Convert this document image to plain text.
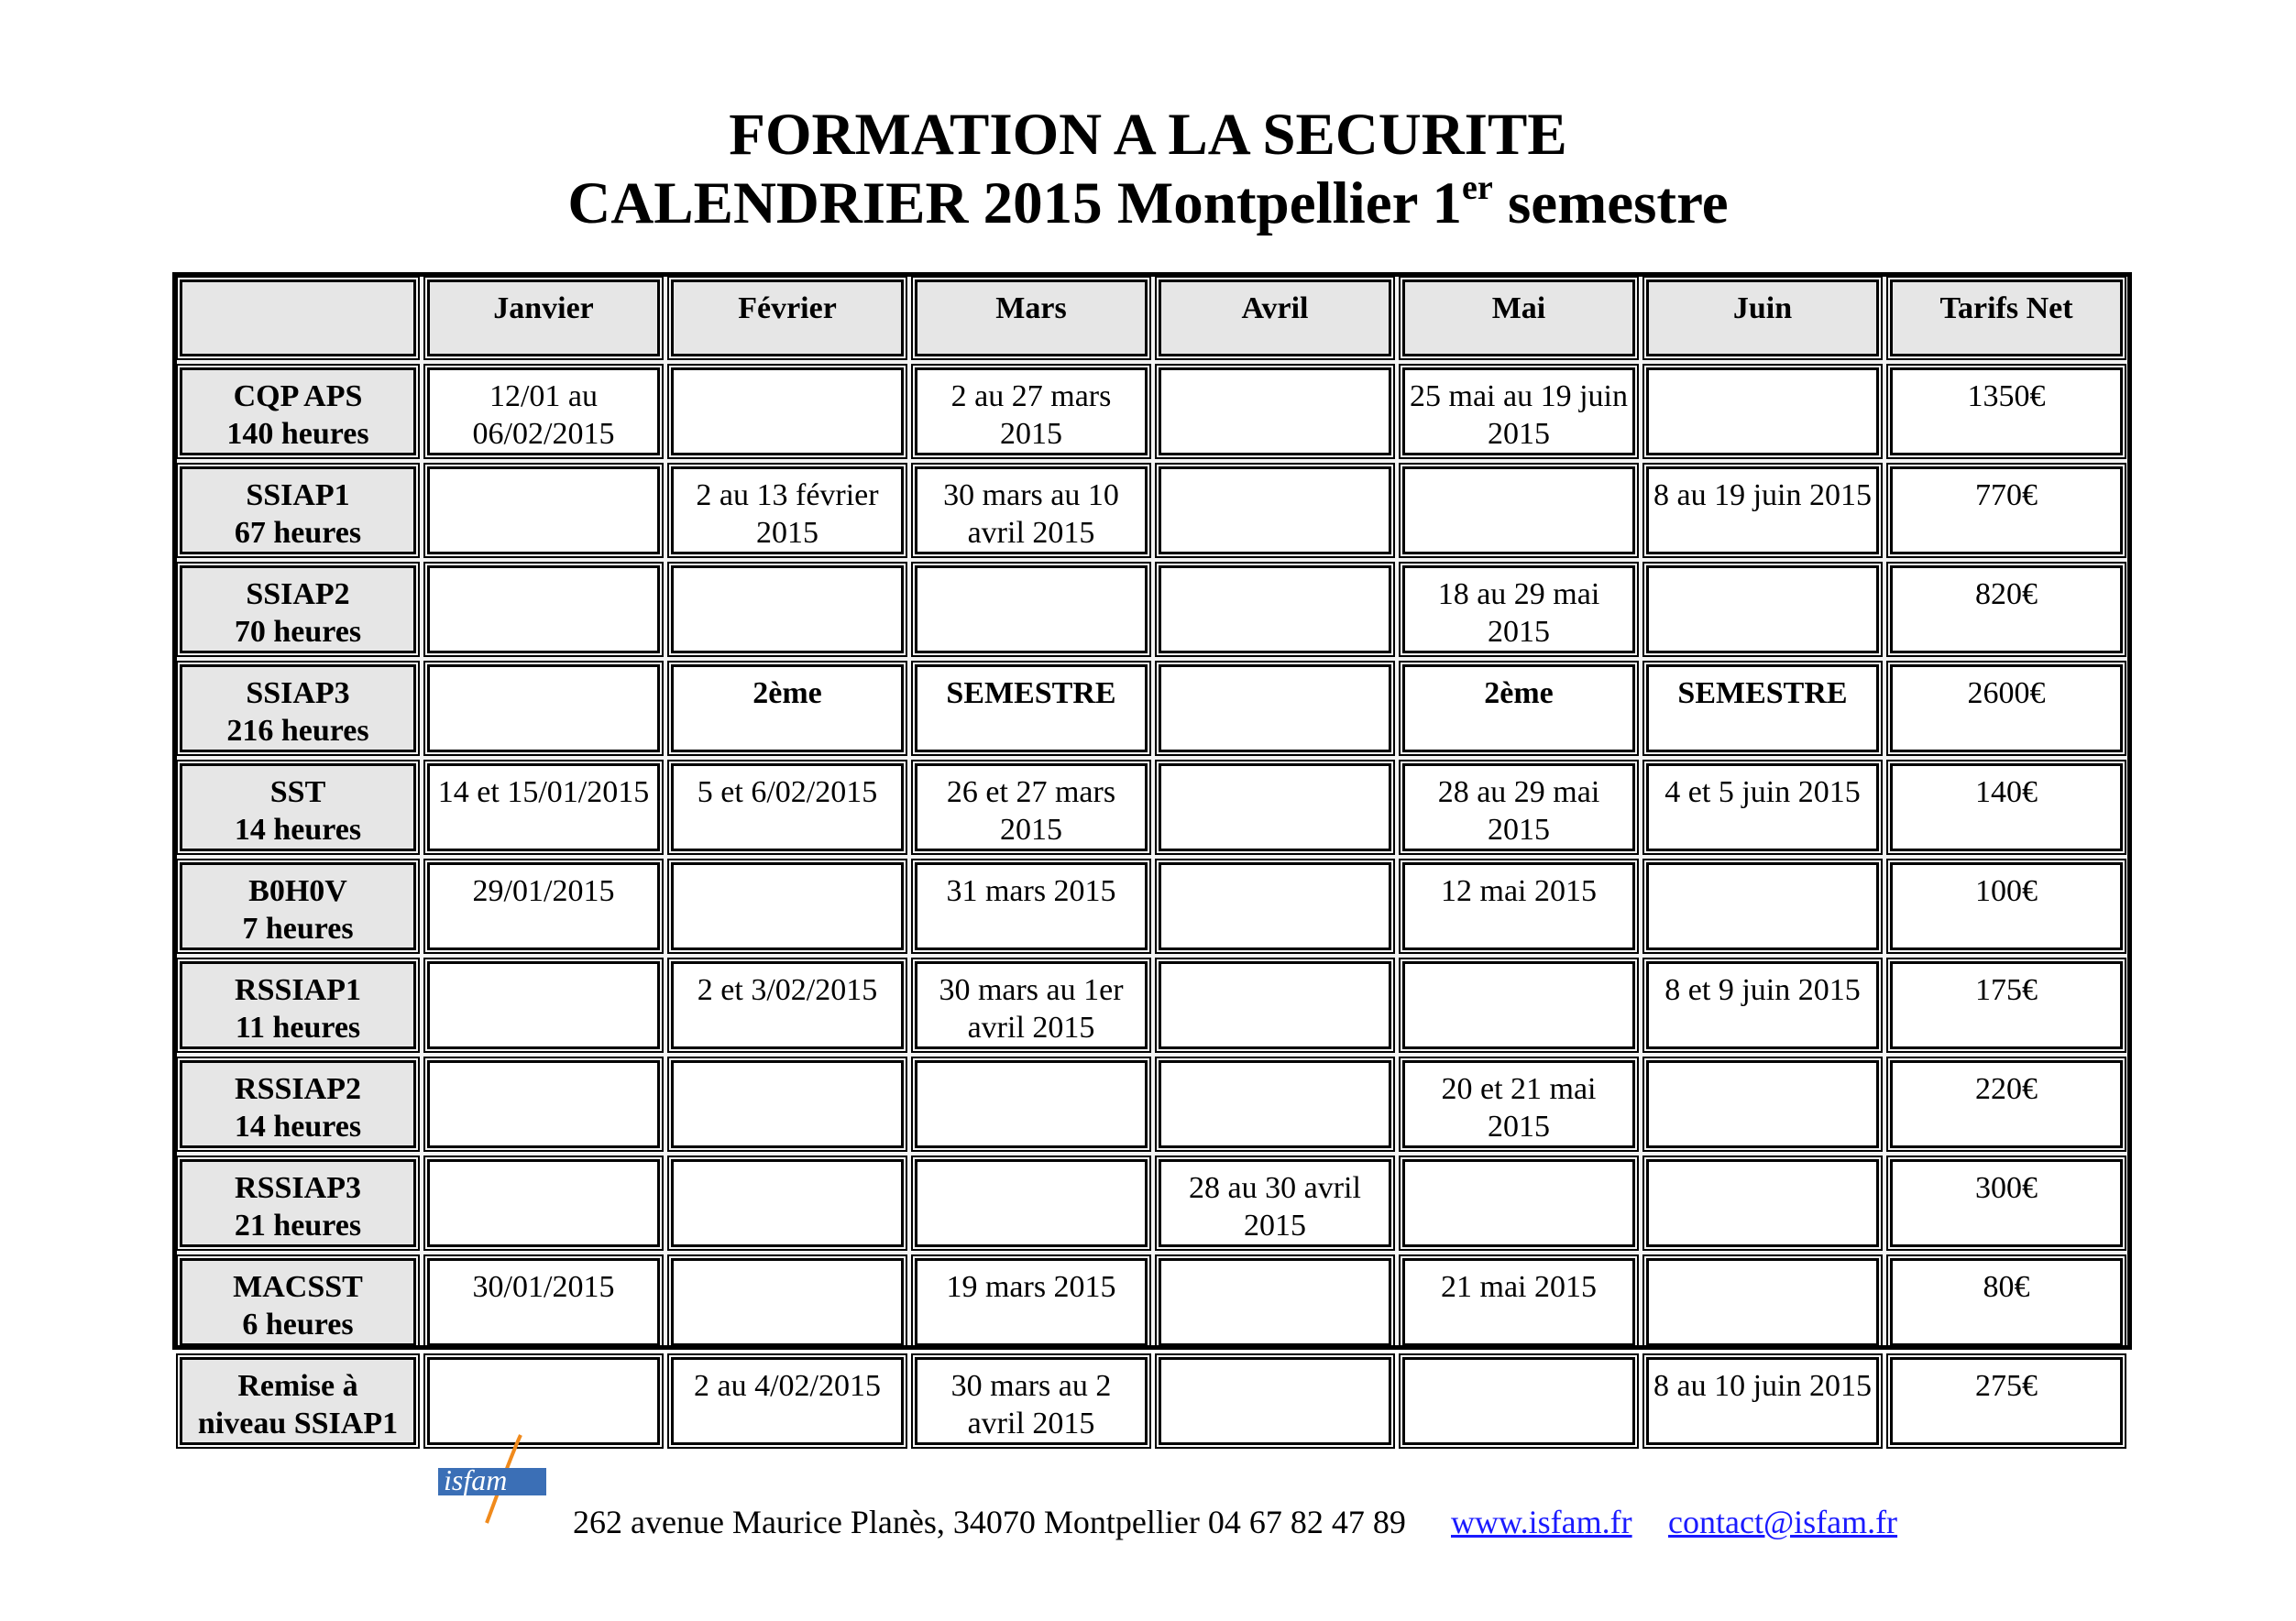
FORMATION A LA SECURITE
CALENDRIER 2015 Montpellier 1er semestre
	Janvier	Février	Mars	Avril	Mai	Juin	Tarifs Net

CQP APS
140 heures	12/01 au 06/02/2015		2 au 27 mars 2015		25 mai au 19 juin 2015		1350€

SSIAP1
67 heures		2 au 13 février 2015	30 mars au 10 avril 2015			8 au 19 juin 2015	770€

SSIAP2
70 heures					18 au 29 mai 2015		820€

SSIAP3
216 heures		2ème	SEMESTRE		2ème	SEMESTRE	2600€

SST
14 heures	14 et 15/01/2015	5 et 6/02/2015	26 et 27 mars 2015		28 au 29 mai 2015	4 et 5 juin 2015	140€

B0H0V
7 heures	29/01/2015		31 mars 2015		12 mai 2015		100€

RSSIAP1
11 heures		2 et 3/02/2015	30 mars au 1er avril 2015			8 et 9 juin 2015	175€

RSSIAP2
14 heures					20 et 21 mai 2015		220€

RSSIAP3
21 heures				28 au 30 avril 2015			300€

MACSST
6 heures	30/01/2015		19 mars 2015		21 mai 2015		80€

Remise à
niveau SSIAP1		2 au 4/02/2015	30 mars au 2 avril 2015			8 au 10 juin 2015	275€
isfam
262 avenue Maurice Planès, 34070 Montpellier 04 67 82 47 89 www.isfam.fr contact@isfam.fr
